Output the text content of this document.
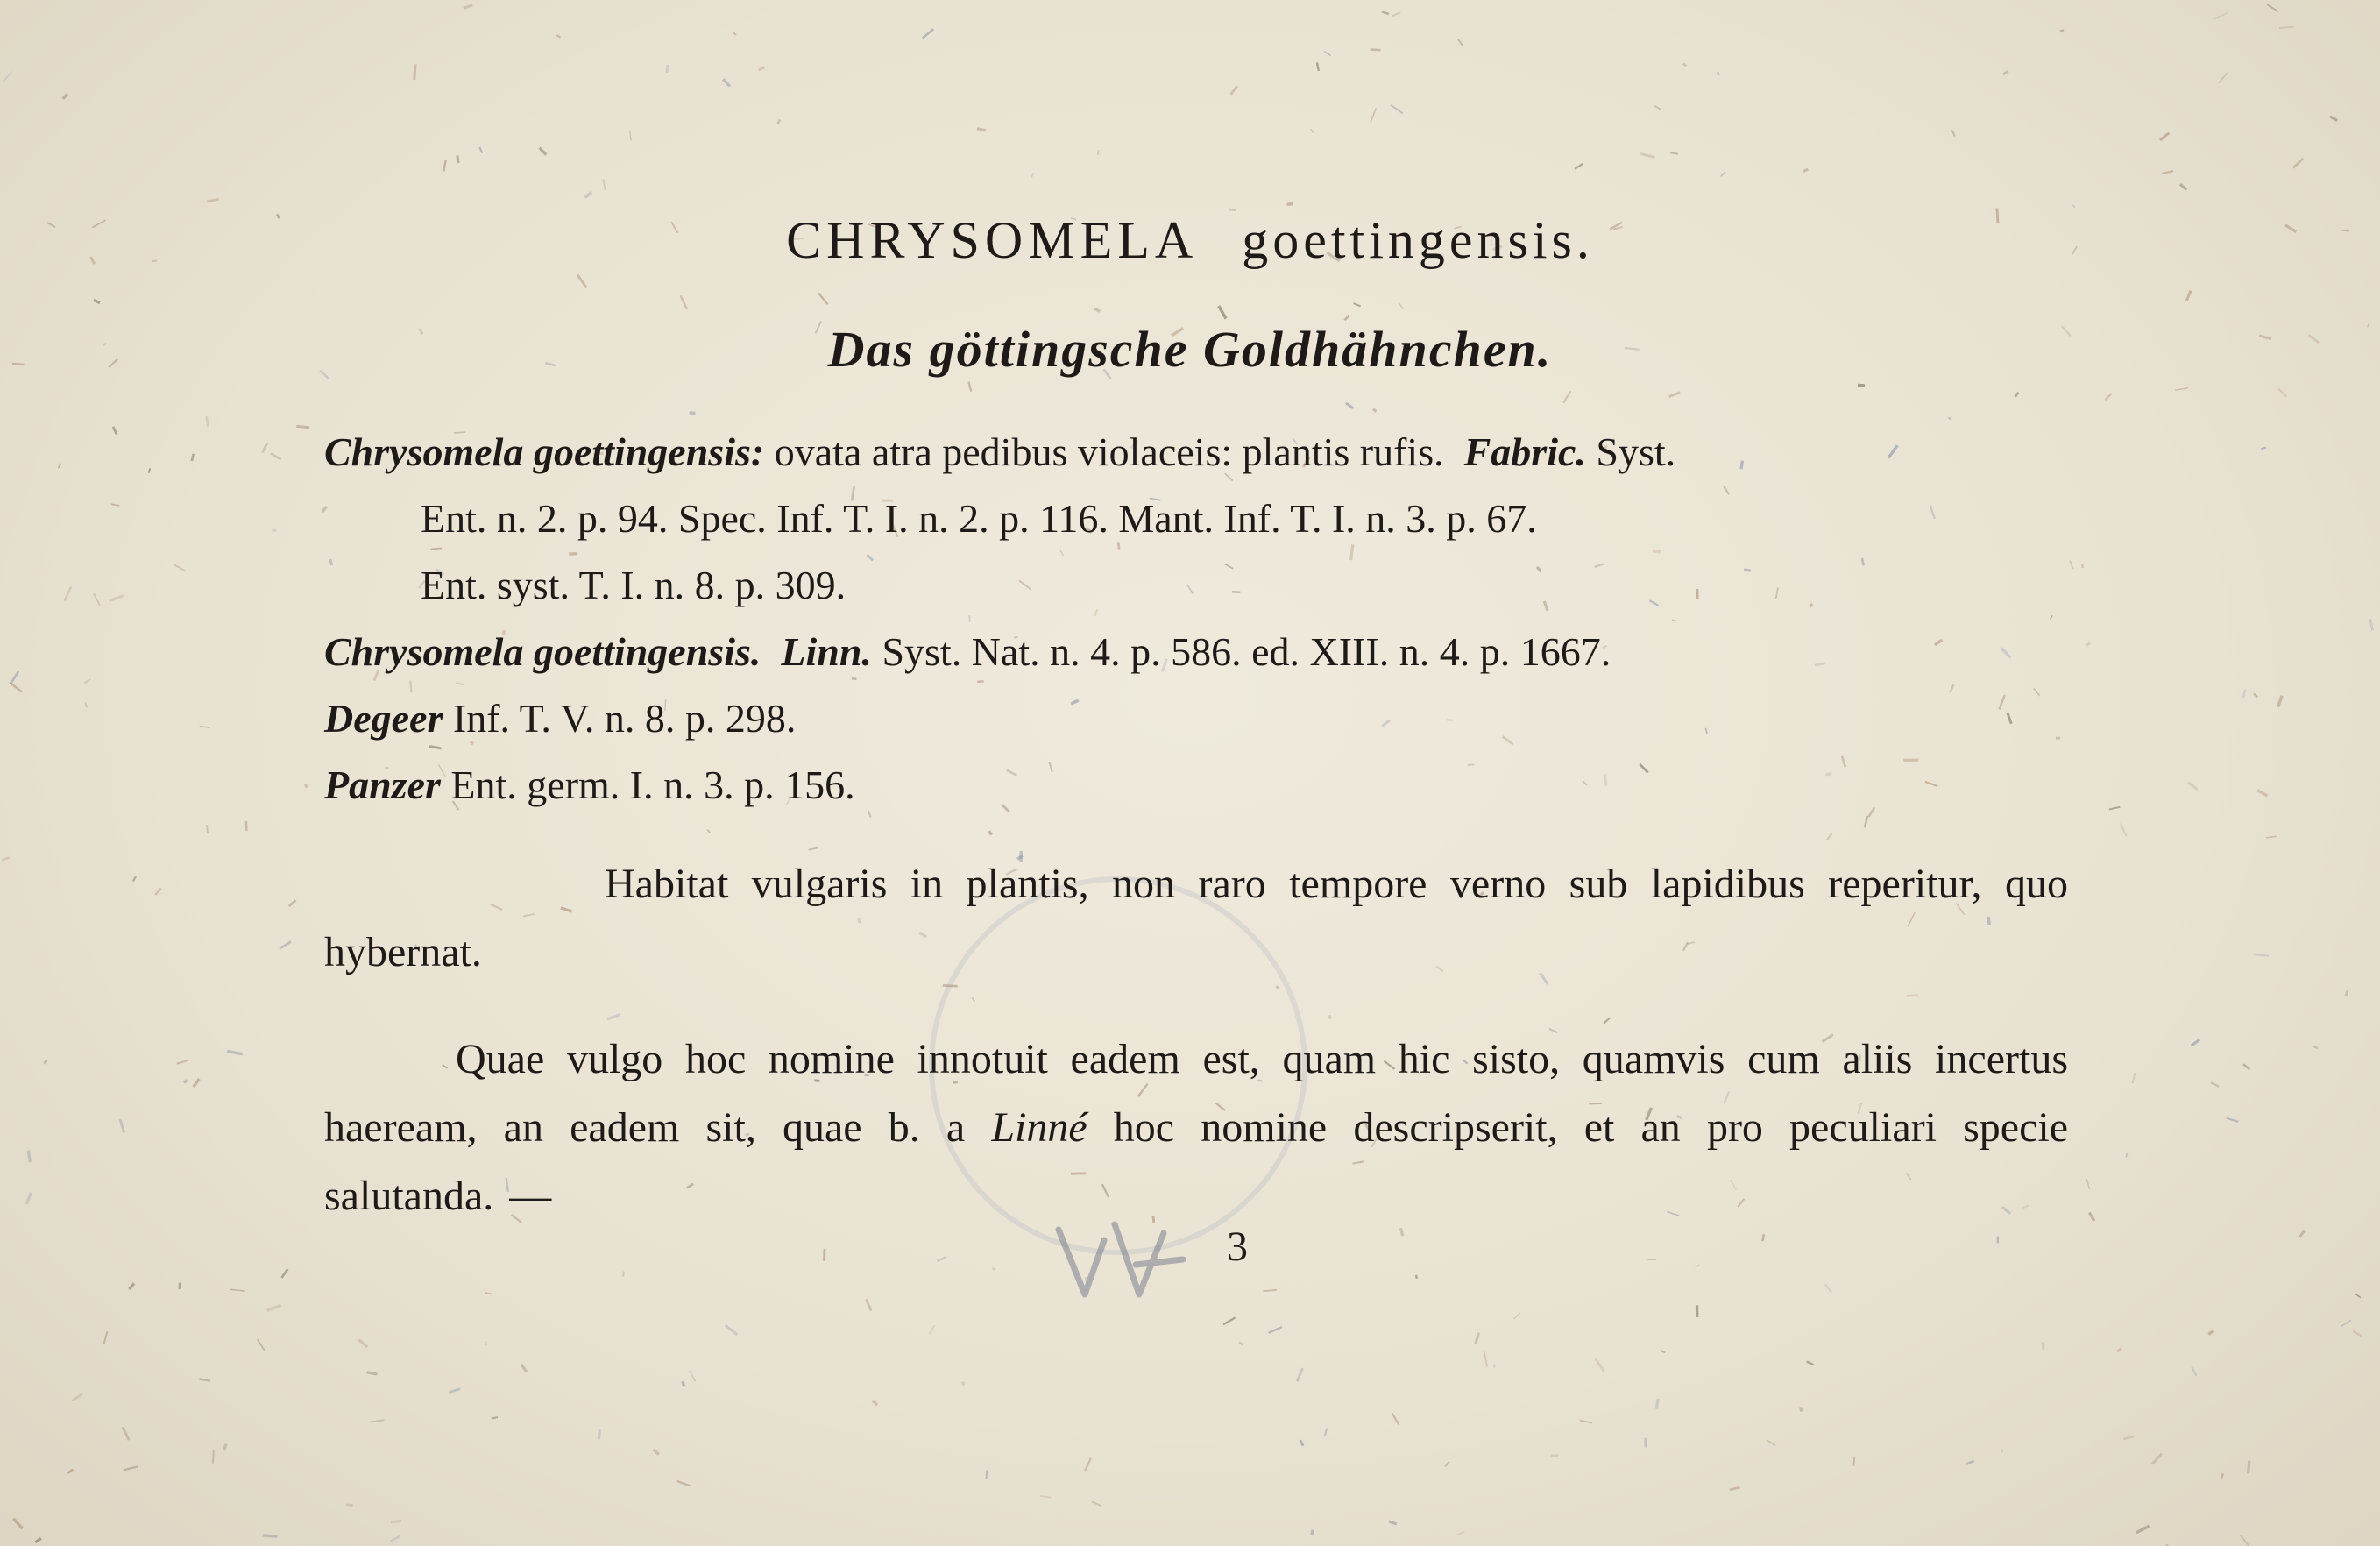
CHRYSOMELA goettingensis.
Das göttingsche Goldhähnchen.
Chrysomela goettingensis: ovata atra pedibus violaceis: plantis rufis. Fabric. Syst.
Ent. n. 2. p. 94. Spec. Inf. T. I. n. 2. p. 116. Mant. Inf. T. I. n. 3. p. 67.
Ent. syst. T. I. n. 8. p. 309.
Chrysomela goettingensis. Linn. Syst. Nat. n. 4. p. 586. ed. XIII. n. 4. p. 1667.
Degeer Inf. T. V. n. 8. p. 298.
Panzer Ent. germ. I. n. 3. p. 156.
Habitat vulgaris in plantis, non raro tempore verno sub lapidibus reperitur, quo hybernat.
Quae vulgo hoc nomine innotuit eadem est, quam hic sisto, quamvis cum aliis incertus haeream, an eadem sit, quae b. a Linné hoc nomine descripserit, et an pro peculiari specie salutanda. —
3
